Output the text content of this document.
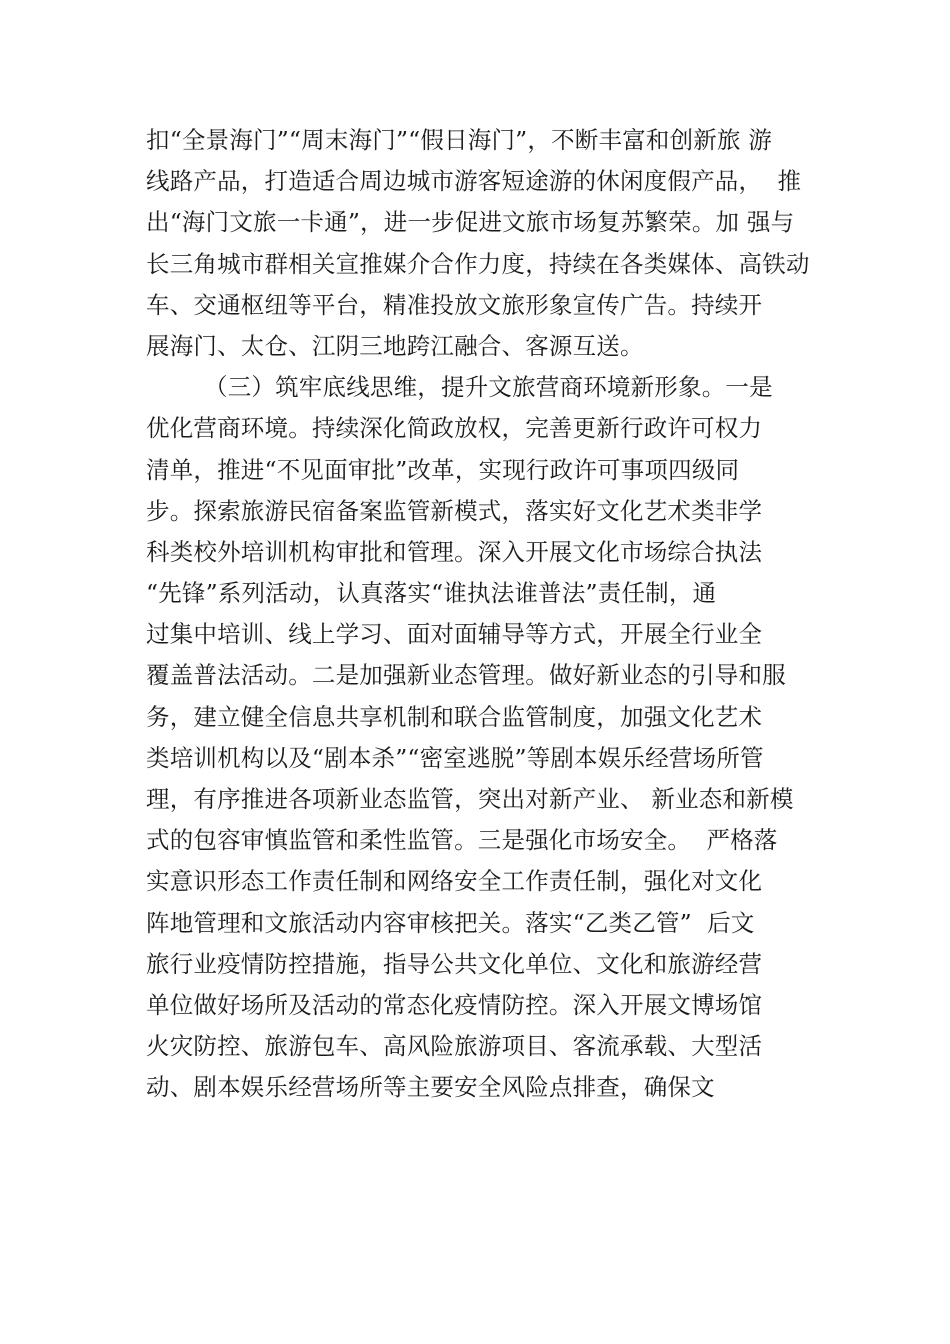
扣“全景海门”“周末海门”“假日海门”，不断丰富和创新旅 游
线路产品，打造适合周边城市游客短途游的休闲度假产品，  推
出“海门文旅一卡通”，进一步促进文旅市场复苏繁荣。加 强与
长三角城市群相关宣推媒介合作力度，持续在各类媒体、高铁动
车、交通枢纽等平台，精准投放文旅形象宣传广告。持续开
展海门、太仓、江阴三地跨江融合、客源互送。
（三）筑牢底线思维，提升文旅营商环境新形象。一是
优化营商环境。持续深化简政放权，完善更新行政许可权力
清单，推进“不见面审批”改革，实现行政许可事项四级同
步。探索旅游民宿备案监管新模式，落实好文化艺术类非学
科类校外培训机构审批和管理。深入开展文化市场综合执法
“先锋”系列活动，认真落实“谁执法谁普法”责任制，通
过集中培训、线上学习、面对面辅导等方式，开展全行业全
覆盖普法活动。二是加强新业态管理。做好新业态的引导和服
务，建立健全信息共享机制和联合监管制度，加强文化艺术
类培训机构以及“剧本杀”“密室逃脱”等剧本娱乐经营场所管
理，有序推进各项新业态监管，突出对新产业、 新业态和新模
式的包容审慎监管和柔性监管。三是强化市场安全。  严格落
实意识形态工作责任制和网络安全工作责任制，强化对文化
阵地管理和文旅活动内容审核把关。落实“乙类乙管”  后文
旅行业疫情防控措施，指导公共文化单位、文化和旅游经营
单位做好场所及活动的常态化疫情防控。深入开展文博场馆
火灾防控、旅游包车、高风险旅游项目、客流承载、大型活
动、剧本娱乐经营场所等主要安全风险点排查，确保文
